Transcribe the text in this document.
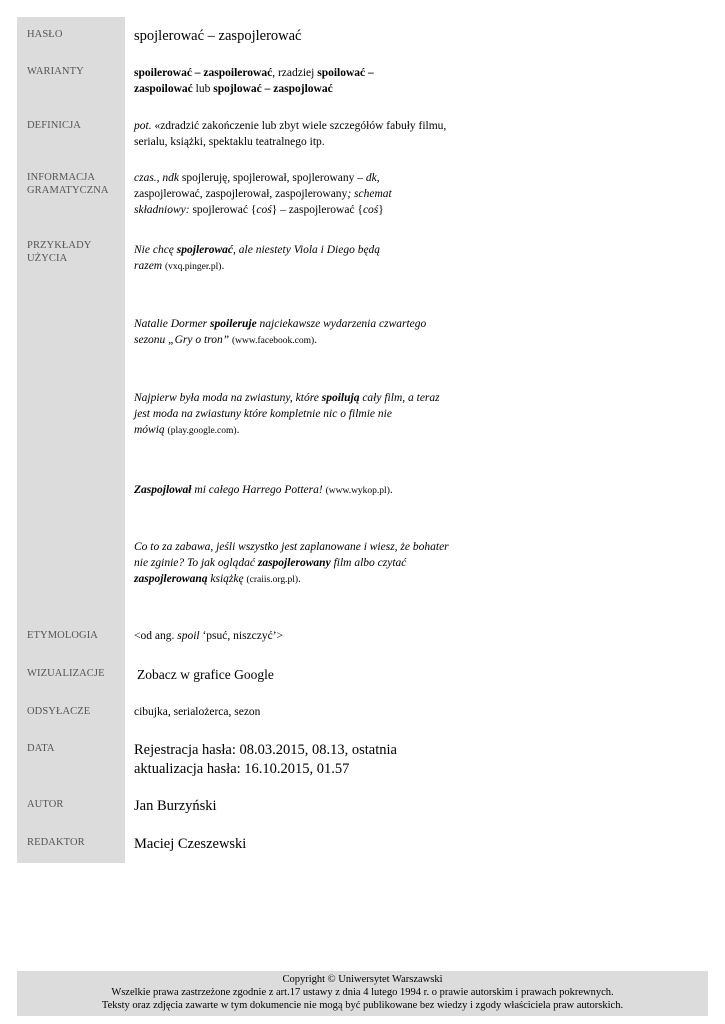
HASŁO
WARIANTY
DEFINICJA
INFORMACJA
GRAMATYCZNA
PRZYKŁADY
UŻYCIA
ETYMOLOGIA
WIZUALIZACJE
ODSYŁACZE
DATA
AUTOR
REDAKTOR
spojlerować – zaspojlerować
spoilerować – zaspoilerować, rzadziej spoilować –
zaspoilować lub spojlować – zaspojlować
pot. «zdradzić zakończenie lub zbyt wiele szczegółów fabuły filmu,
serialu, książki, spektaklu teatralnego itp.
czas., ndk spojleruję, spojlerował, spojlerowany – dk,
zaspojlerować, zaspojlerował, zaspojlerowany; schemat
składniowy: spojlerować {coś} – zaspojlerować {coś}
Nie chcę spojlerować, ale niestety Viola i Diego będą
razem (vxq.pinger.pl).
Natalie Dormer spoileruje najciekawsze wydarzenia czwartego
sezonu „Gry o tron” (www.facebook.com).
Najpierw była moda na zwiastuny, które spoilują cały film, a teraz
jest moda na zwiastuny które kompletnie nic o filmie nie
mówią (play.google.com).
Zaspojlował mi całego Harrego Pottera! (www.wykop.pl).
Co to za zabawa, jeśli wszystko jest zaplanowane i wiesz, że bohater
nie zginie? To jak oglądać zaspojlerowany film albo czytać
zaspojlerowaną książkę (craiis.org.pl).
<od ang. spoil ‘psuć, niszczyć’>
Zobacz w grafice Google
cibujka, serialożerca, sezon
Rejestracja hasła: 08.03.2015, 08.13, ostatnia
aktualizacja hasła: 16.10.2015, 01.57
Jan Burzyński
Maciej Czeszewski
Copyright © Uniwersytet Warszawski
Wszelkie prawa zastrzeżone zgodnie z art.17 ustawy z dnia 4 lutego 1994 r. o prawie autorskim i prawach pokrewnych.
Teksty oraz zdjęcia zawarte w tym dokumencie nie mogą być publikowane bez wiedzy i zgody właściciela praw autorskich.
